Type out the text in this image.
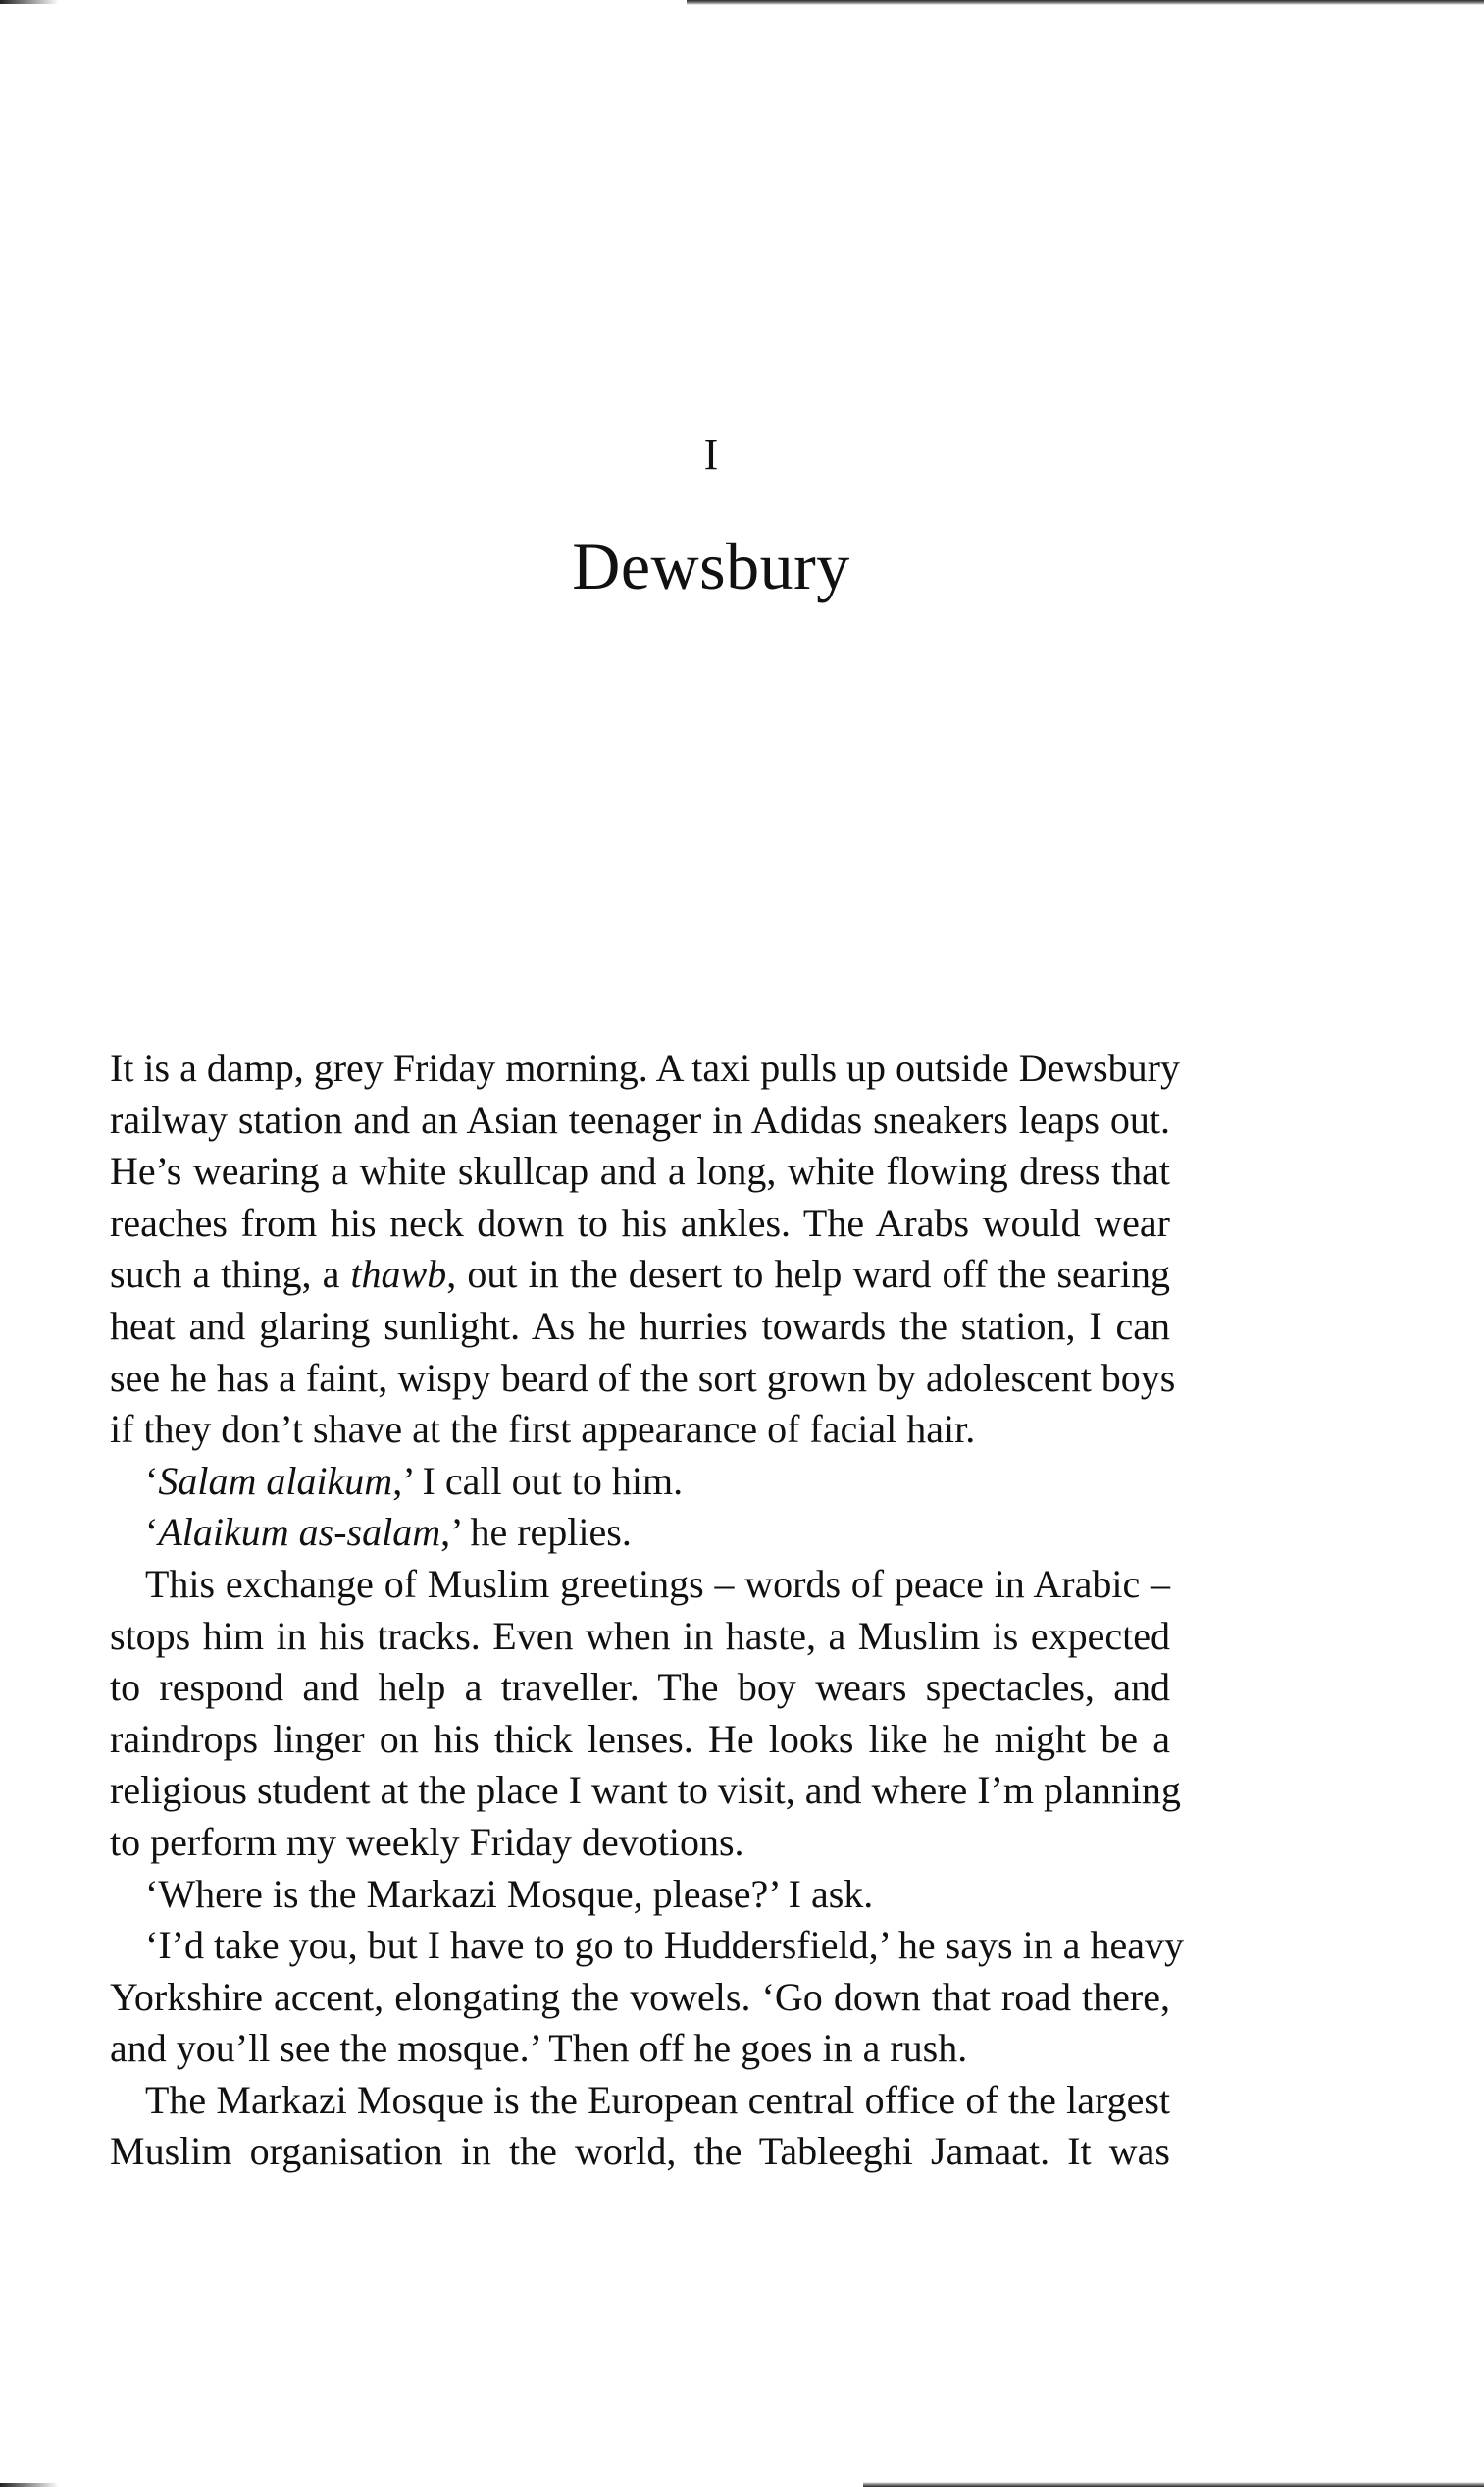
I
Dewsbury
It is a damp, grey Friday morning. A taxi pulls up outside Dewsbury
railway station and an Asian teenager in Adidas sneakers leaps out.
He’s wearing a white skullcap and a long, white flowing dress that
reaches from his neck down to his ankles. The Arabs would wear
such a thing, a thawb, out in the desert to help ward off the searing
heat and glaring sunlight. As he hurries towards the station, I can
see he has a faint, wispy beard of the sort grown by adolescent boys
if they don’t shave at the first appearance of facial hair.
‘Salam alaikum,’ I call out to him.
‘Alaikum as-salam,’ he replies.
This exchange of Muslim greetings – words of peace in Arabic –
stops him in his tracks. Even when in haste, a Muslim is expected
to respond and help a traveller. The boy wears spectacles, and
raindrops linger on his thick lenses. He looks like he might be a
religious student at the place I want to visit, and where I’m planning
to perform my weekly Friday devotions.
‘Where is the Markazi Mosque, please?’ I ask.
‘I’d take you, but I have to go to Huddersfield,’ he says in a heavy
Yorkshire accent, elongating the vowels. ‘Go down that road there,
and you’ll see the mosque.’ Then off he goes in a rush.
The Markazi Mosque is the European central office of the largest
Muslim organisation in the world, the Tableeghi Jamaat. It was
